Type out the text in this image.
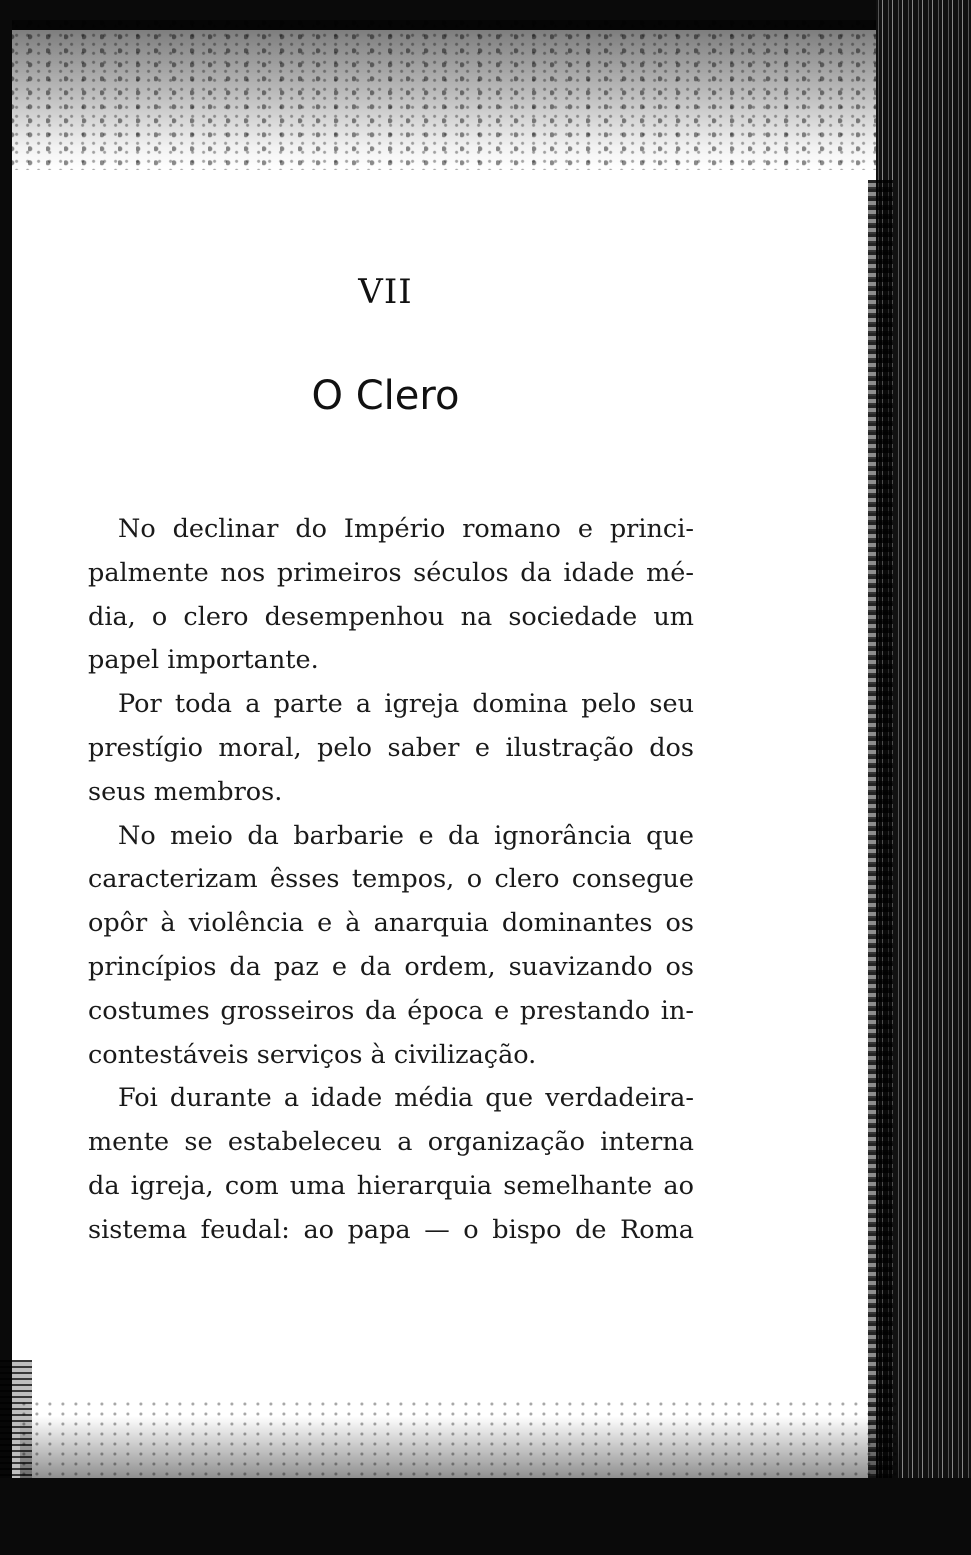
VII
O Clero
No declinar do Império romano e princi-
palmente nos primeiros séculos da idade mé-
dia, o clero desempenhou na sociedade um
papel importante.
Por toda a parte a igreja domina pelo seu
prestígio moral, pelo saber e ilustração dos
seus membros.
No meio da barbarie e da ignorância que
caracterizam êsses tempos, o clero consegue
opôr à violência e à anarquia dominantes os
princípios da paz e da ordem, suavizando os
costumes grosseiros da época e prestando in-
contestáveis serviços à civilização.
Foi durante a idade média que verdadeira-
mente se estabeleceu a organização interna
da igreja, com uma hierarquia semelhante ao
sistema feudal: ao papa — o bispo de Roma
